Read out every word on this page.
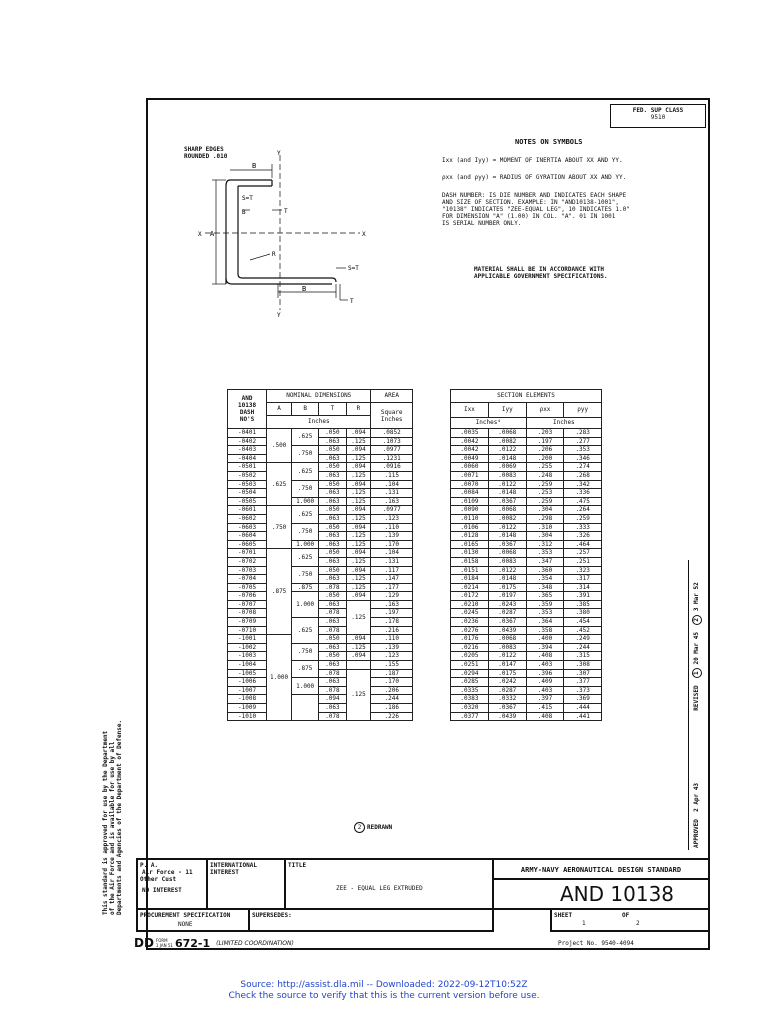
FED. SUP CLASS
9510
NOTES ON SYMBOLS
Ixx (and Iyy) = MOMENT OF INERTIA ABOUT XX AND YY.
ρxx (and ρyy) = RADIUS OF GYRATION ABOUT XX AND YY.
DASH NUMBER: IS DIE NUMBER AND INDICATES EACH SHAPE
AND SIZE OF SECTION. EXAMPLE: IN "AND10138-1001",
"10138" INDICATES "ZEE-EQUAL LEG", 10 INDICATES 1.0"
FOR DIMENSION "A" (1.00) IN COL. "A". 01 IN 1001
IS SERIAL NUMBER ONLY.
MATERIAL SHALL BE IN ACCORDANCE WITH
APPLICABLE GOVERNMENT SPECIFICATIONS.
SHARP EDGES
ROUNDED .010
B
B
A
S=T
B	T
R
S=T
T
X	X
Y
Y
AND
10138
DASH
NO'S	NOMINAL DIMENSIONS				AREA
	A	B	T	R	Square
Inches

	Inches				
-0401	.500	.625	.050	.094	.0852
-0402			.063	.125	.1073
-0403		.750	.050	.094	.0977
-0404			.063	.125	.1231
-0501	.625	.625	.050	.094	.0916
-0502			.063	.125	.115
-0503		.750	.050	.094	.104
-0504			.063	.125	.131
-0505		1.000	.063	.125	.163
-0601	.750	.625	.050	.094	.0977
-0602			.063	.125	.123
-0603		.750	.050	.094	.110
-0604			.063	.125	.139
-0605		1.000	.063	.125	.170
-0701	.875	.625	.050	.094	.104
-0702			.063	.125	.131
-0703		.750	.050	.094	.117
-0704			.063	.125	.147
-0705		.875	.078	.125	.177
-0706		1.000	.050	.094	.129
-0707			.063	.125	.163
-0708			.078		.197
-0709		.625	.063		.178
-0710			.078		.216
-1001	1.000		.050	.094	.110
-1002		.750	.063	.125	.139
-1003			.050	.094	.123
-1004		.875	.063		.155
-1005			.078	.125	.187
-1006		1.000	.063		.170
-1007			.078		.206
-1008			.094		.244
-1009			.063		.186
-1010			.078		.226
SECTION ELEMENTS			
Ixx	Iyy	ρxx	ρyy
Inches⁴		Inches	
.0035	.0068	.203	.283
.0042	.0082	.197	.277
.0042	.0122	.206	.353
.0049	.0148	.200	.346
.0060	.0069	.255	.274
.0071	.0083	.248	.268
.0070	.0122	.259	.342
.0084	.0148	.253	.336
.0109	.0367	.259	.475
.0090	.0068	.304	.264
.0110	.0082	.298	.259
.0106	.0122	.310	.333
.0128	.0148	.304	.326
.0165	.0367	.312	.464
.0130	.0068	.353	.257
.0158	.0083	.347	.251
.0151	.0122	.360	.323
.0184	.0148	.354	.317
.0214	.0175	.348	.314
.0172	.0197	.365	.391
.0210	.0243	.359	.385
.0245	.0287	.353	.380
.0236	.0367	.364	.454
.0276	.0439	.358	.452
.0176	.0068	.400	.249
.0216	.0083	.394	.244
.0205	.0122	.408	.315
.0251	.0147	.403	.308
.0294	.0175	.396	.307
.0285	.0242	.409	.377
.0335	.0287	.403	.373
.0383	.0332	.397	.369
.0320	.0367	.415	.444
.0377	.0439	.408	.441
2 REDRAWN	APPROVED  2 Apr 43                    REVISED  1 20 Mar 45  2 3 Mar 52
This standard is approved for use by the Department of the Air Force and is available for use by all Departments and Agencies of the Department of Defense.	P. A.
Air Force - 11
Other Cust
NO INTEREST
INTERNATIONAL
INTEREST
TITLE
ZEE - EQUAL LEG EXTRUDED
ARMY-NAVY AERONAUTICAL DESIGN STANDARD
AND 10138
PROCUREMENT SPECIFICATION
NONE
SUPERSEDES:	SHEET
1
OF
2
DD FORM
1 JAN 51 672-1 (LIMITED COORDINATION)	Project No. 9540-4094
Source: http://assist.dla.mil -- Downloaded: 2022-09-12T10:52Z
Check the source to verify that this is the current version before use.
